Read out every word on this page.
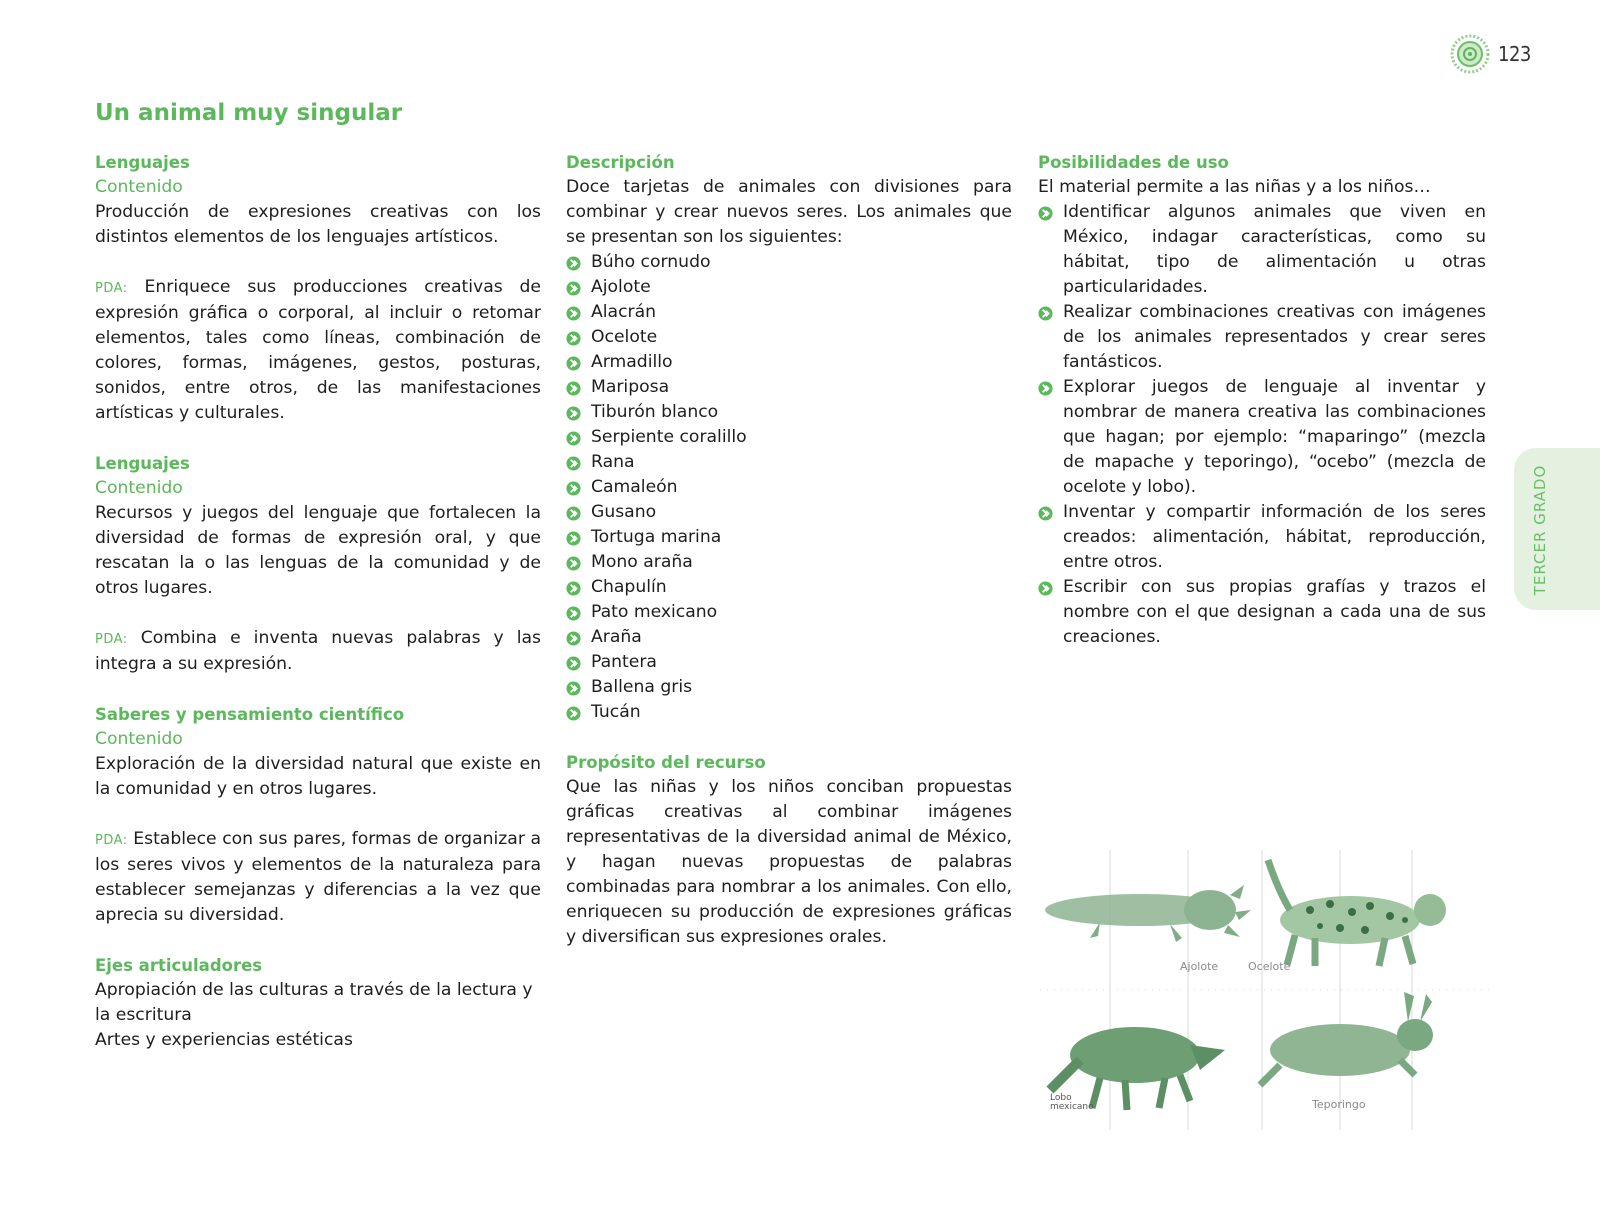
123
TERCER GRADO
Un animal muy singular
Lenguajes
Contenido

Producción de expresiones creativas con los distintos elementos de los lenguajes artísticos.

PDA: Enriquece sus producciones creativas de expresión gráfica o corporal, al incluir o retomar elementos, tales como líneas, combinación de colores, formas, imágenes, gestos, posturas, sonidos, entre otros, de las manifestaciones artísticas y culturales.

Lenguajes
Contenido

Recursos y juegos del lenguaje que fortalecen la diversidad de formas de expresión oral, y que rescatan la o las lenguas de la comunidad y de otros lugares.

PDA: Combina e inventa nuevas palabras y las integra a su expresión.

Saberes y pensamiento científico
Contenido

Exploración de la diversidad natural que existe en la comunidad y en otros lugares.

PDA: Establece con sus pares, formas de organizar a los seres vivos y elementos de la naturaleza para establecer semejanzas y diferencias a la vez que aprecia su diversidad.

Ejes articuladores

Apropiación de las culturas a través de la lectura y la escritura

Artes y experiencias estéticas

Descripción

Doce tarjetas de animales con divisiones para combinar y crear nuevos seres. Los animales que se presentan son los siguientes:

Búho cornudo
Ajolote
Alacrán
Ocelote
Armadillo
Mariposa
Tiburón blanco
Serpiente coralillo
Rana
Camaleón
Gusano
Tortuga marina
Mono araña
Chapulín
Pato mexicano
Araña
Pantera
Ballena gris
Tucán
Propósito del recurso

Que las niñas y los niños conciban propuestas gráficas creativas al combinar imágenes representativas de la diversidad animal de México, y hagan nuevas propuestas de palabras combinadas para nombrar a los animales. Con ello, enriquecen su producción de expresiones gráficas y diversifican sus expresiones orales.

Posibilidades de uso

El material permite a las niñas y a los niños…

Identificar algunos animales que viven en México, indagar características, como su hábitat, tipo de alimentación u otras particularidades.
Realizar combinaciones creativas con imágenes de los animales representados y crear seres fantásticos.
Explorar juegos de lenguaje al inventar y nombrar de manera creativa las combinaciones que hagan; por ejemplo: “maparingo” (mezcla de mapache y teporingo), “ocebo” (mezcla de ocelote y lobo).
Inventar y compartir información de los seres creados: alimentación, hábitat, reproducción, entre otros.
Escribir con sus propias grafías y trazos el nombre con el que designan a cada una de sus creaciones.
Ajolote	Ocelote
Lobo
mexicano	Teporingo
